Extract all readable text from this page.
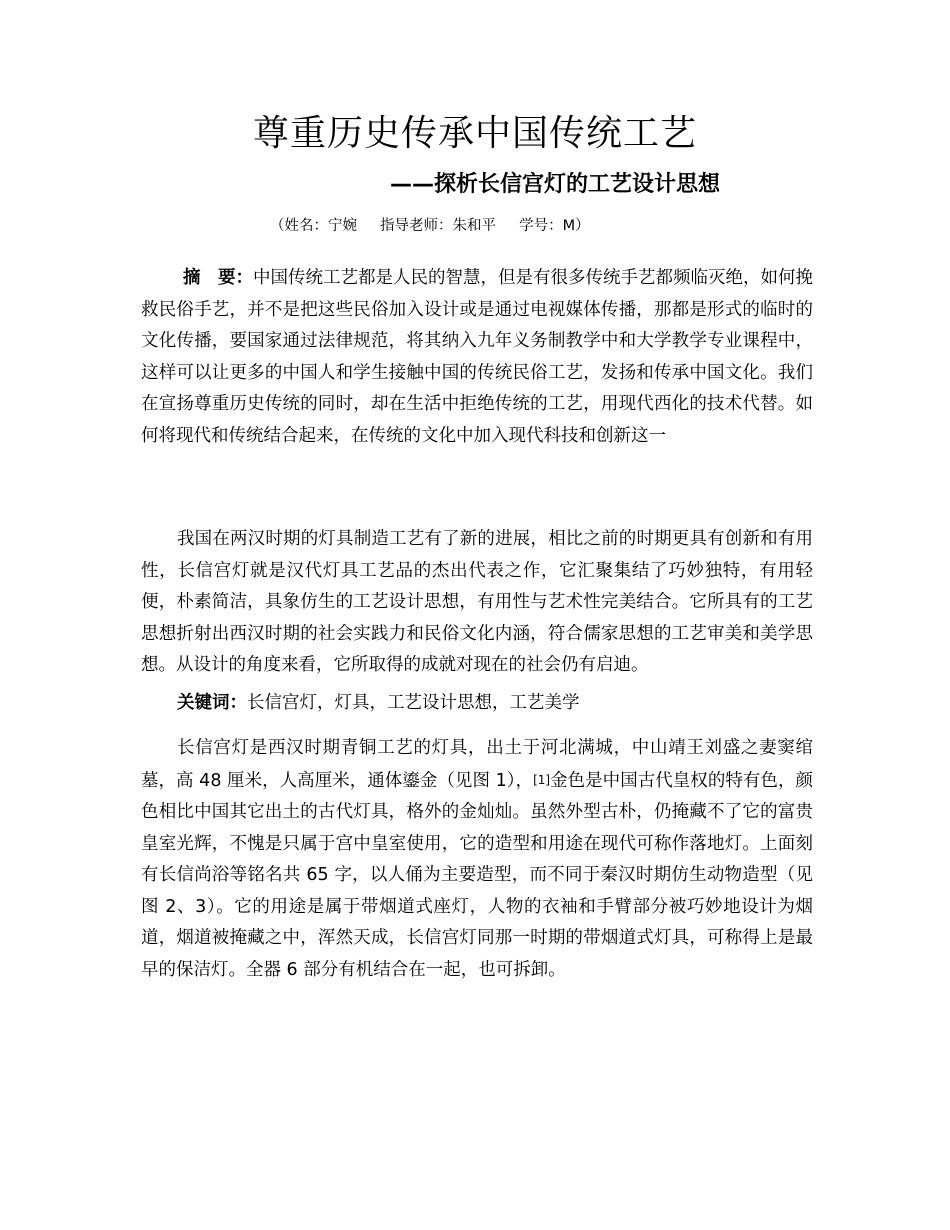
尊重历史传承中国传统工艺
——探析长信宫灯的工艺设计思想
（姓名：宁婉 指导老师：朱和平 学号：M）
摘　要：中国传统工艺都是人民的智慧，但是有很多传统手艺都频临灭绝，如何挽救民俗手艺，并不是把这些民俗加入设计或是通过电视媒体传播，那都是形式的临时的文化传播，要国家通过法律规范，将其纳入九年义务制教学中和大学教学专业课程中，这样可以让更多的中国人和学生接触中国的传统民俗工艺，发扬和传承中国文化。我们在宣扬尊重历史传统的同时，却在生活中拒绝传统的工艺，用现代西化的技术代替。如何将现代和传统结合起来，在传统的文化中加入现代科技和创新这一
我国在两汉时期的灯具制造工艺有了新的进展，相比之前的时期更具有创新和有用性，长信宫灯就是汉代灯具工艺品的杰出代表之作，它汇聚集结了巧妙独特，有用轻便，朴素简洁，具象仿生的工艺设计思想，有用性与艺术性完美结合。它所具有的工艺思想折射出西汉时期的社会实践力和民俗文化内涵，符合儒家思想的工艺审美和美学思想。从设计的角度来看，它所取得的成就对现在的社会仍有启迪。
关键词：长信宫灯，灯具，工艺设计思想，工艺美学
长信宫灯是西汉时期青铜工艺的灯具，出土于河北满城，中山靖王刘盛之妻窦绾墓，高 48 厘米，人高厘米，通体鎏金（见图 1），[1]金色是中国古代皇权的特有色，颜色相比中国其它出土的古代灯具，格外的金灿灿。虽然外型古朴，仍掩藏不了它的富贵皇室光辉，不愧是只属于宫中皇室使用，它的造型和用途在现代可称作落地灯。上面刻有长信尚浴等铭名共 65 字，以人俑为主要造型，而不同于秦汉时期仿生动物造型（见图 2、3）。它的用途是属于带烟道式座灯，人物的衣袖和手臂部分被巧妙地设计为烟道，烟道被掩藏之中，浑然天成，长信宫灯同那一时期的带烟道式灯具，可称得上是最早的保洁灯。全器 6 部分有机结合在一起，也可拆卸。
